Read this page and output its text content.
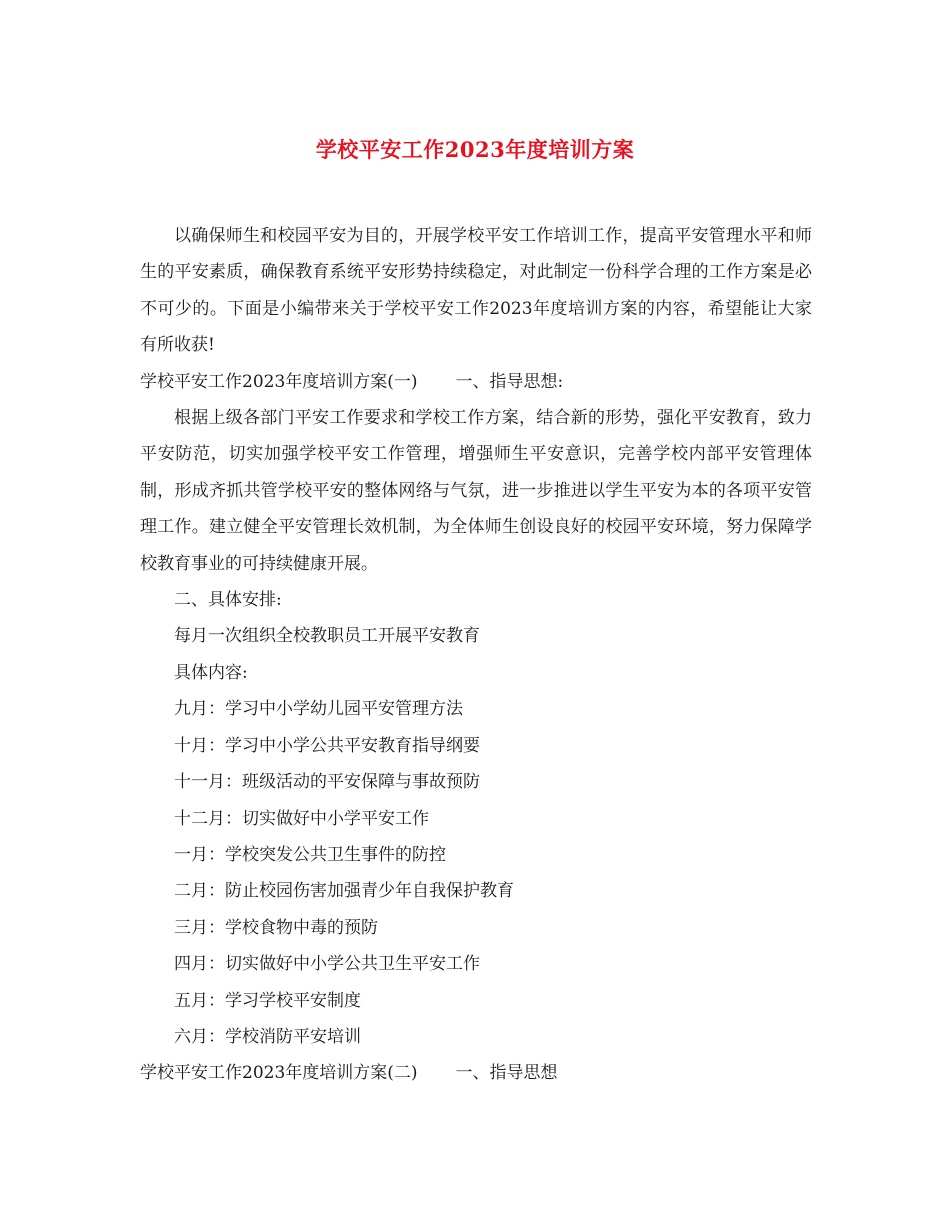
学校平安工作2023年度培训方案

以确保师生和校园平安为目的，开展学校平安工作培训工作，提高平安管理水平和师生的平安素质，确保教育系统平安形势持续稳定，对此制定一份科学合理的工作方案是必不可少的。下面是小编带来关于学校平安工作2023年度培训方案的内容，希望能让大家有所收获!

学校平安工作2023年度培训方案(一) 一、指导思想:

根据上级各部门平安工作要求和学校工作方案，结合新的形势，强化平安教育，致力平安防范，切实加强学校平安工作管理，增强师生平安意识，完善学校内部平安管理体制，形成齐抓共管学校平安的整体网络与气氛，进一步推进以学生平安为本的各项平安管理工作。建立健全平安管理长效机制，为全体师生创设良好的校园平安环境，努力保障学校教育事业的可持续健康开展。

二、具体安排:

每月一次组织全校教职员工开展平安教育

具体内容:

九月：学习中小学幼儿园平安管理方法

十月：学习中小学公共平安教育指导纲要

十一月：班级活动的平安保障与事故预防

十二月：切实做好中小学平安工作

一月：学校突发公共卫生事件的防控

二月：防止校园伤害加强青少年自我保护教育

三月：学校食物中毒的预防

四月：切实做好中小学公共卫生平安工作

五月：学习学校平安制度

六月：学校消防平安培训

学校平安工作2023年度培训方案(二) 一、指导思想
